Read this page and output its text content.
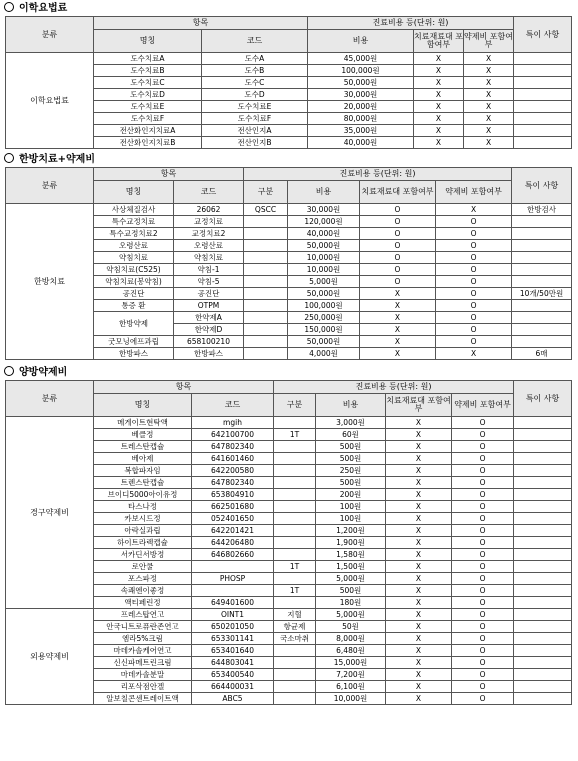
이학요법료
분류	항목		진료비용 등(단위: 원)			특이 사항
	명칭	코드	비용	치료재료대 포함여부	약제비 포함여부	
이학요법료	도수치료A	도수A	45,000원	X	X	
	도수치료B	도수B	100,000원	X	X	
	도수치료C	도수C	50,000원	X	X	
	도수치료D	도수D	30,000원	X	X	
	도수치료E	도수치료E	20,000원	X	X	
	도수치료F	도수치료F	80,000원	X	X	
	전산화인지치료A	전산인지A	35,000원	X	X	
	전산화인지치료B	전산인지B	40,000원	X	X	
한방치료+약제비
분류	항목		진료비용 등(단위: 원)				특이 사항
	명칭	코드	구분	비용	치료재료대 포함여부	약제비 포함여부	
한방치료	사상체질검사	26062	QSCC	30,000원	O	X	한방검사
	특수교정치료	교정치료		120,000원	O	O	
	특수교정치료2	교정치료2		40,000원	O	O	
	오령산료	오령산료		50,000원	O	O	
	약침치료	약침치료		10,000원	O	O	
	약침치료(C525)	약침-1		10,000원	O	O	
	약침치료(봉약침)	약침-5		5,000원	O	O	
	공진단	공진단		50,000원	X	O	10개/50만원
	통증 환	OTPM		100,000원	X	O	
	한방약제	한약제A		250,000원	X	O	
		한약제D		150,000원	X	O	
	굿모닝에프과립	658100210		50,000원	X	O	
	한방파스	한방파스		4,000원	X	X	6매
양방약제비
분류	항목		진료비용 등(단위: 원)				특이 사항
	명칭	코드	구분	비용	치료재료대 포함여부	약제비 포함여부	
경구약제비	메게이트현탁액	mgih		3,000원	X	O	
	베클정	642100700	1T	60원	X	O	
	트레스탄캡슐	647802340		500원	X	O	
	베아제	641601460		500원	X	O	
	복합파자임	642200580		250원	X	O	
	트렌스탄캡슐	647802340		500원	X	O	
	브이디5000아이유정	653804910		200원	X	O	
	타스나정	662501680		100원	X	O	
	카보시드정	052401650		100원	X	O	
	아락실과립	642201421		1,200원	X	O	
	하이트라렉캡슐	644206480		1,900원	X	O	
	서카딘서방정	646802660		1,580원	X	O	
	로안쿨		1T	1,500원	X	O	
	포스파정	PHOSP		5,000원	X	O	
	속쾌엔이좋정		1T	500원	X	O	
	액티페린정	649401600		180원	X	O	
외용약제비	프레스탑연고	OINT1	지혈	5,000원	X	O	
	안국니트로퓨란존연고	650201050	항균제	50원	X	O	
	엠라5%크림	653301141	국소마취	8,000원	X	O	
	마데카솔케어연고	653401640		6,480원	X	O	
	신신파메트린크림	644803041		15,000원	X	O	
	마데카솔분말	653400540		7,200원	X	O	
	리포삭점안겔	664400031		6,100원	X	O	
	알보칠콘센트레이트액	ABC5		10,000원	X	O	
